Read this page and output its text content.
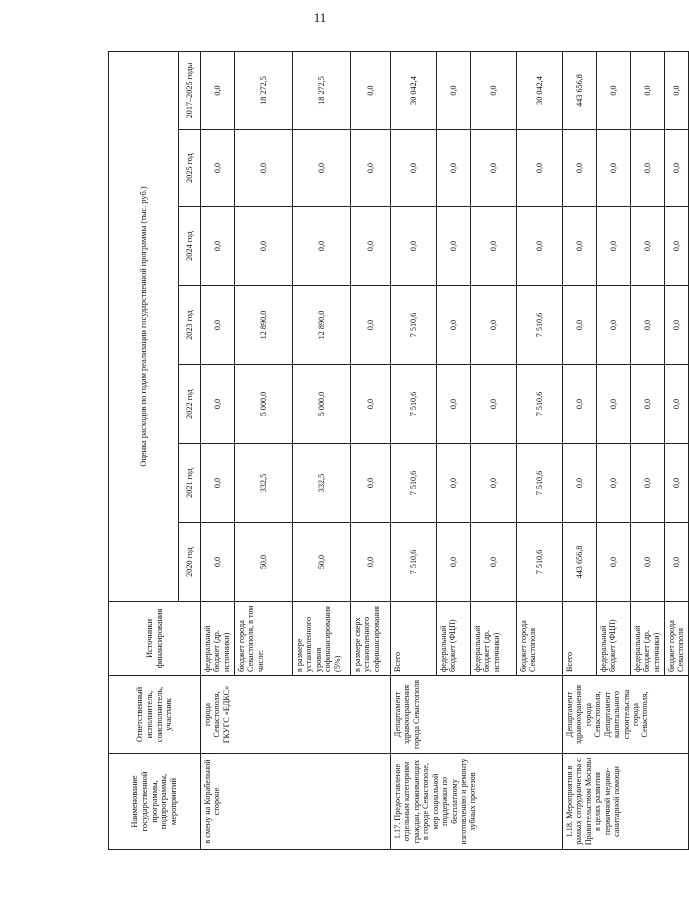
11
Наименование государственной программы, подпрограммы, мероприятий	Ответственный исполнитель, соисполнитель, участник	Источники финансирования	Оценка расходов по годам реализации государственной программы (тыс. руб.)						
			2020 год	2021 год	2022 год	2023 год	2024 год	2025 год	2017–2025 годы
в смену на Корабельной стороне	города Севастополя, ГКУГС «ЕДКС»	федеральный бюджет (др. источники)	0,0	0,0	0,0	0,0	0,0	0,0	0,0
		бюджет города Севастополя, в том числе:	50,0	332,5	5 000,0	12 890,0	0,0	0,0	18 272,5
		в размере установленного уровня софинансирования (5%)	50,0	332,5	5 000,0	12 890,0	0,0	0,0	18 272,5
		в размере сверх установленного софинансирования	0,0	0,0	0,0	0,0	0,0	0,0	0,0
1.17. Предоставление отдельным категориям граждан, проживающих в городе Севастополе, мер социальной поддержки по бесплатному изготовлению и ремонту зубных протезов	Департамент здравоохранения города Севастополя	Всего	7 510,6	7 510,6	7 510,6	7 510,6	0,0	0,0	30 042,4
		федеральный бюджет (ФЦП)	0,0	0,0	0,0	0,0	0,0	0,0	0,0
		федеральный бюджет (др. источники)	0,0	0,0	0,0	0,0	0,0	0,0	0,0
		бюджет города Севастополя	7 510,6	7 510,6	7 510,6	7 510,6	0,0	0,0	30 042,4
1.18. Мероприятия в рамках сотрудничества с Правительством Москвы в целях развития первичной медико-санитарной помощи	Департамент здравоохранения города Севастополя, Департамент капитального строительства города Севастополя,	Всего	443 656,8	0,0	0,0	0,0	0,0	0,0	443 656,8
		федеральный бюджет (ФЦП)	0,0	0,0	0,0	0,0	0,0	0,0	0,0
		федеральный бюджет (др. источники)	0,0	0,0	0,0	0,0	0,0	0,0	0,0
		бюджет города Севастополя	0,0	0,0	0,0	0,0	0,0	0,0	0,0
